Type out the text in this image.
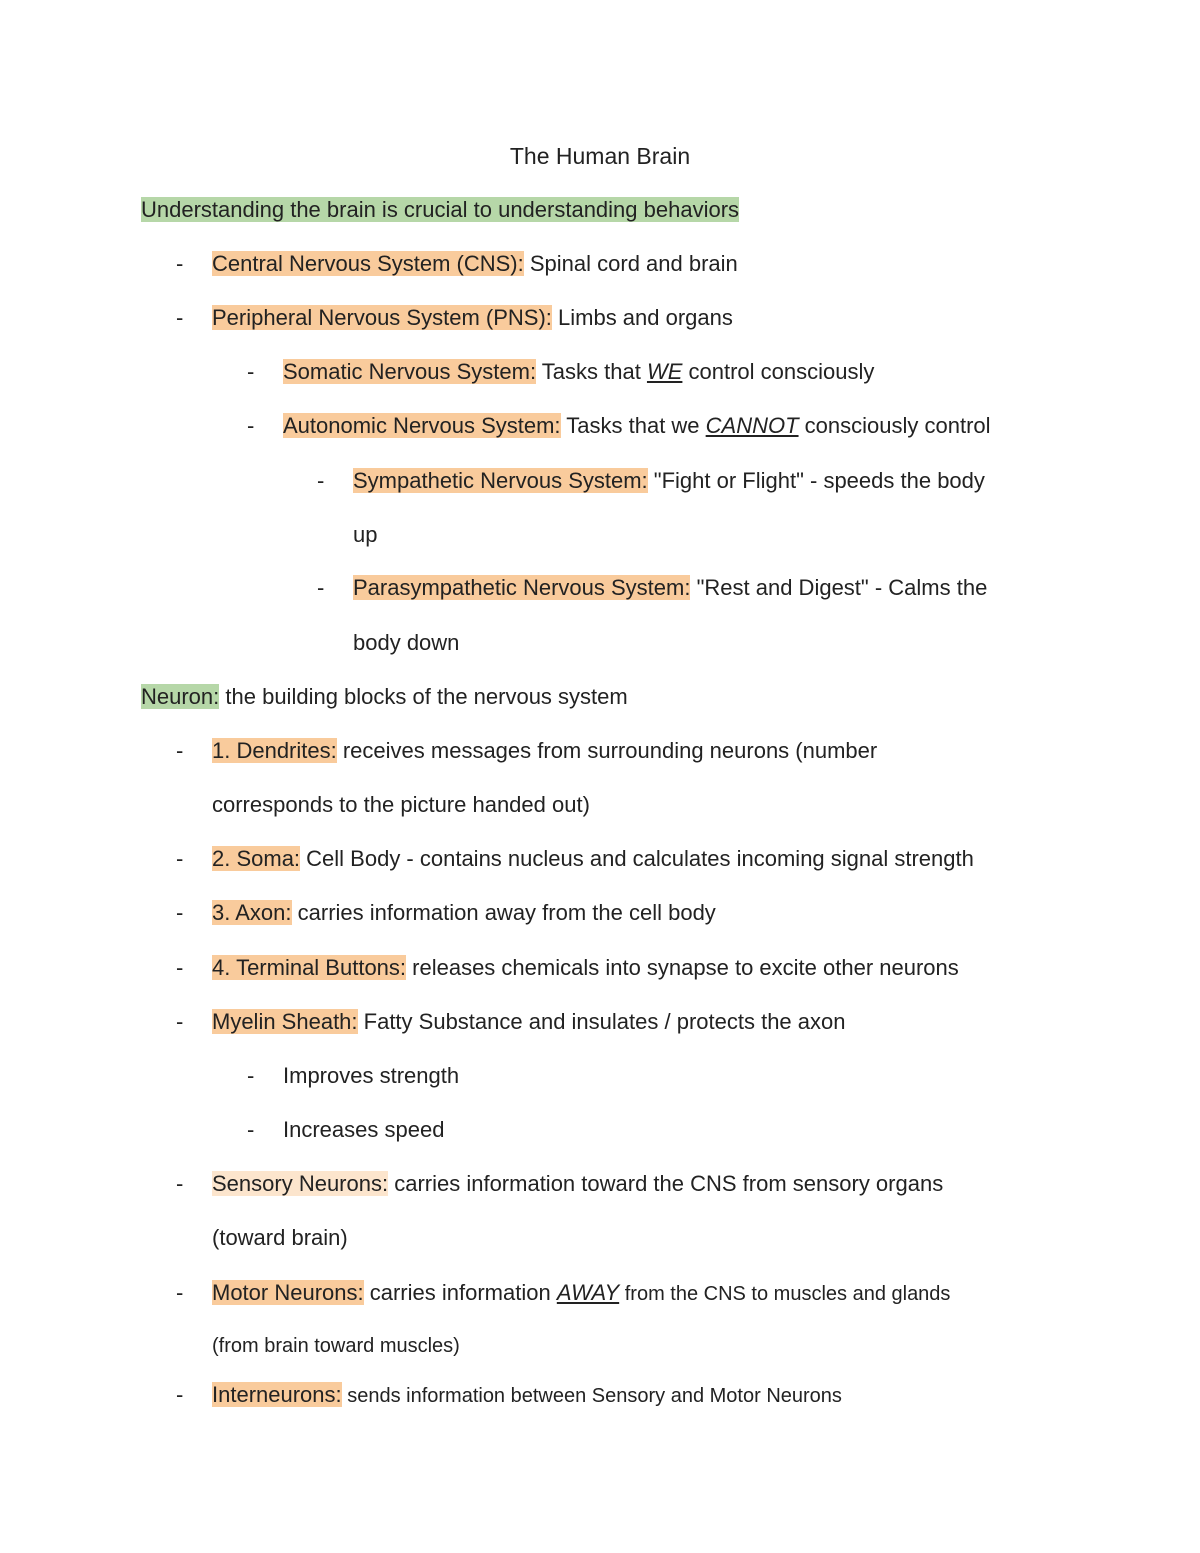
The Human Brain
Understanding the brain is crucial to understanding behaviors
- Central Nervous System (CNS): Spinal cord and brain
- Peripheral Nervous System (PNS): Limbs and organs
- Somatic Nervous System: Tasks that WE control consciously
- Autonomic Nervous System: Tasks that we CANNOT consciously control
- Sympathetic Nervous System: "Fight or Flight" - speeds the body
up
- Parasympathetic Nervous System: "Rest and Digest" - Calms the
body down
Neuron: the building blocks of the nervous system
- 1. Dendrites: receives messages from surrounding neurons (number
corresponds to the picture handed out)
- 2. Soma: Cell Body - contains nucleus and calculates incoming signal strength
- 3. Axon: carries information away from the cell body
- 4. Terminal Buttons: releases chemicals into synapse to excite other neurons
- Myelin Sheath: Fatty Substance and insulates / protects the axon
- Improves strength
- Increases speed
- Sensory Neurons: carries information toward the CNS from sensory organs
(toward brain)
- Motor Neurons: carries information AWAY from the CNS to muscles and glands
(from brain toward muscles)
- Interneurons: sends information between Sensory and Motor Neurons
